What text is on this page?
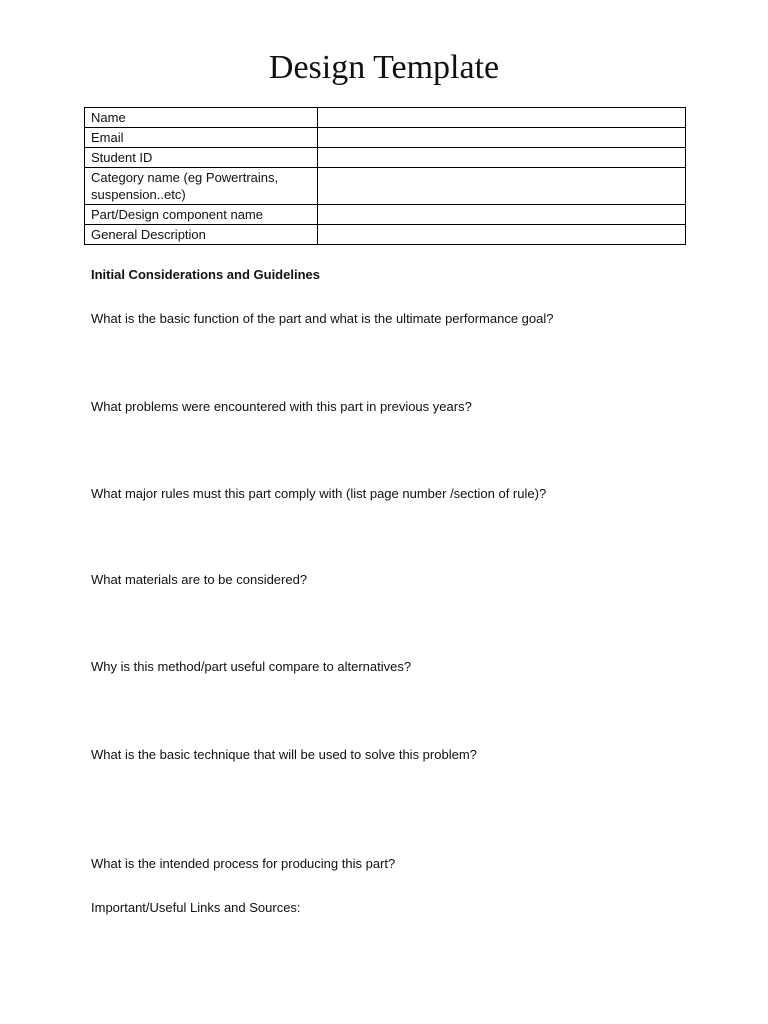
Design Template
Name	
Email	
Student ID	
Category name (eg Powertrains, suspension..etc)	
Part/Design component name	
General Description	

Initial Considerations and Guidelines

What is the basic function of the part and what is the ultimate performance goal?

What problems were encountered with this part in previous years?

What major rules must this part comply with (list page number /section of rule)?

What materials are to be considered?

Why is this method/part useful compare to alternatives?

What is the basic technique that will be used to solve this problem?

What is the intended process for producing this part?

Important/Useful Links and Sources:
